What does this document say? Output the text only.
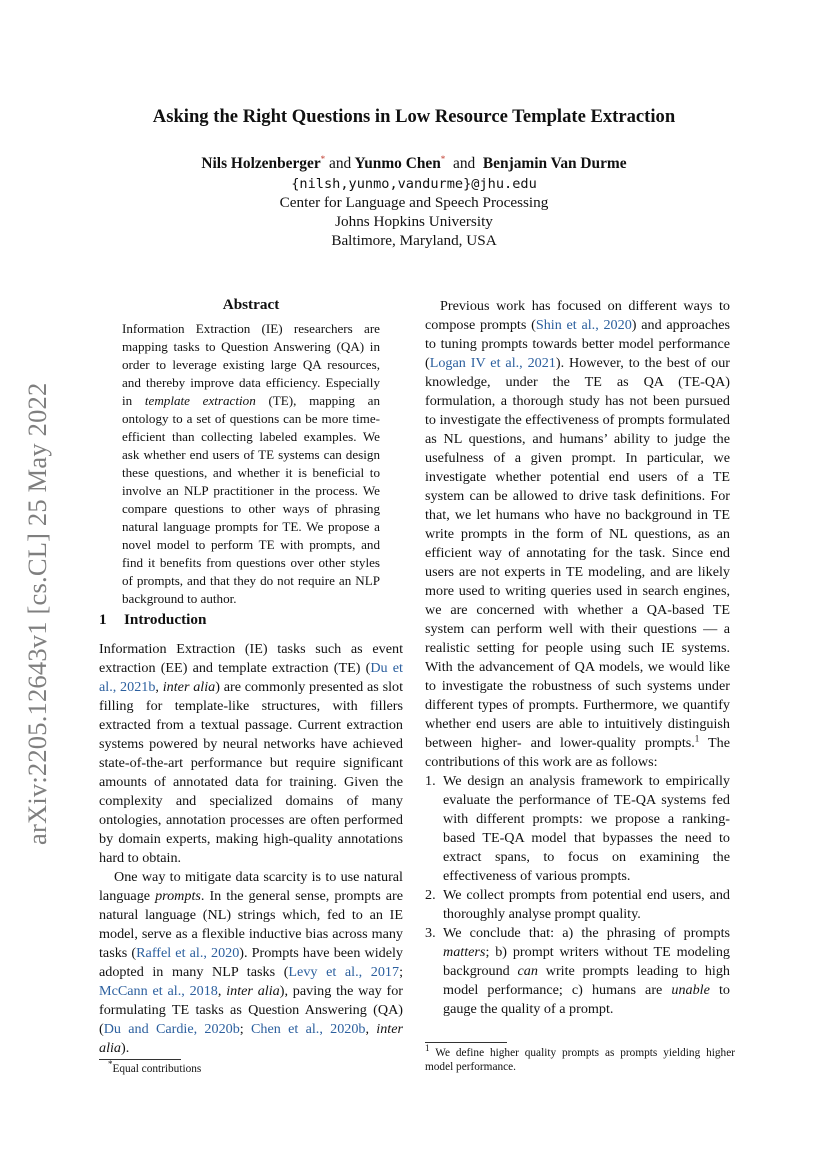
Asking the Right Questions in Low Resource Template Extraction
Nils Holzenberger* and Yunmo Chen* and Benjamin Van Durme
{nilsh,yunmo,vandurme}@jhu.edu
Center for Language and Speech Processing
Johns Hopkins University
Baltimore, Maryland, USA
arXiv:2205.12643v1 [cs.CL] 25 May 2022
Abstract
Information Extraction (IE) researchers are mapping tasks to Question Answering (QA) in order to leverage existing large QA resources, and thereby improve data efficiency. Especially in template extraction (TE), mapping an ontology to a set of questions can be more time-efficient than collecting labeled examples. We ask whether end users of TE systems can design these questions, and whether it is beneficial to involve an NLP practitioner in the process. We compare questions to other ways of phrasing natural language prompts for TE. We propose a novel model to perform TE with prompts, and find it benefits from questions over other styles of prompts, and that they do not require an NLP background to author.
1 Introduction

Information Extraction (IE) tasks such as event extraction (EE) and template extraction (TE) (Du et al., 2021b, inter alia) are commonly presented as slot filling for template-like structures, with fillers extracted from a textual passage. Current extraction systems powered by neural networks have achieved state-of-the-art performance but require significant amounts of annotated data for training. Given the complexity and specialized domains of many ontologies, annotation processes are often performed by domain experts, making high-quality annotations hard to obtain.

One way to mitigate data scarcity is to use natural language prompts. In the general sense, prompts are natural language (NL) strings which, fed to an IE model, serve as a flexible inductive bias across many tasks (Raffel et al., 2020). Prompts have been widely adopted in many NLP tasks (Levy et al., 2017; McCann et al., 2018, inter alia), paving the way for formulating TE tasks as Question Answering (QA) (Du and Cardie, 2020b; Chen et al., 2020b, inter alia).

Previous work has focused on different ways to compose prompts (Shin et al., 2020) and approaches to tuning prompts towards better model performance (Logan IV et al., 2021). However, to the best of our knowledge, under the TE as QA (TE-QA) formulation, a thorough study has not been pursued to investigate the effectiveness of prompts formulated as NL questions, and humans’ ability to judge the usefulness of a given prompt. In particular, we investigate whether potential end users of a TE system can be allowed to drive task definitions. For that, we let humans who have no background in TE write prompts in the form of NL questions, as an efficient way of annotating for the task. Since end users are not experts in TE modeling, and are likely more used to writing queries used in search engines, we are concerned with whether a QA-based TE system can perform well with their questions — a realistic setting for people using such IE systems. With the advancement of QA models, we would like to investigate the robustness of such systems under different types of prompts. Furthermore, we quantify whether end users are able to intuitively distinguish between higher- and lower-quality prompts.$^1$ The contributions of this work are as follows:

1. We design an analysis framework to empirically evaluate the performance of TE-QA systems fed with different prompts: we propose a ranking-based TE-QA model that bypasses the need to extract spans, to focus on examining the effectiveness of various prompts.
2. We collect prompts from potential end users, and thoroughly analyse prompt quality.
3. We conclude that: a) the phrasing of prompts matters; b) prompt writers without TE modeling background can write prompts leading to high model performance; c) humans are unable to gauge the quality of a prompt.
*Equal contributions
$^1$ We define higher quality prompts as prompts yielding higher model performance.
